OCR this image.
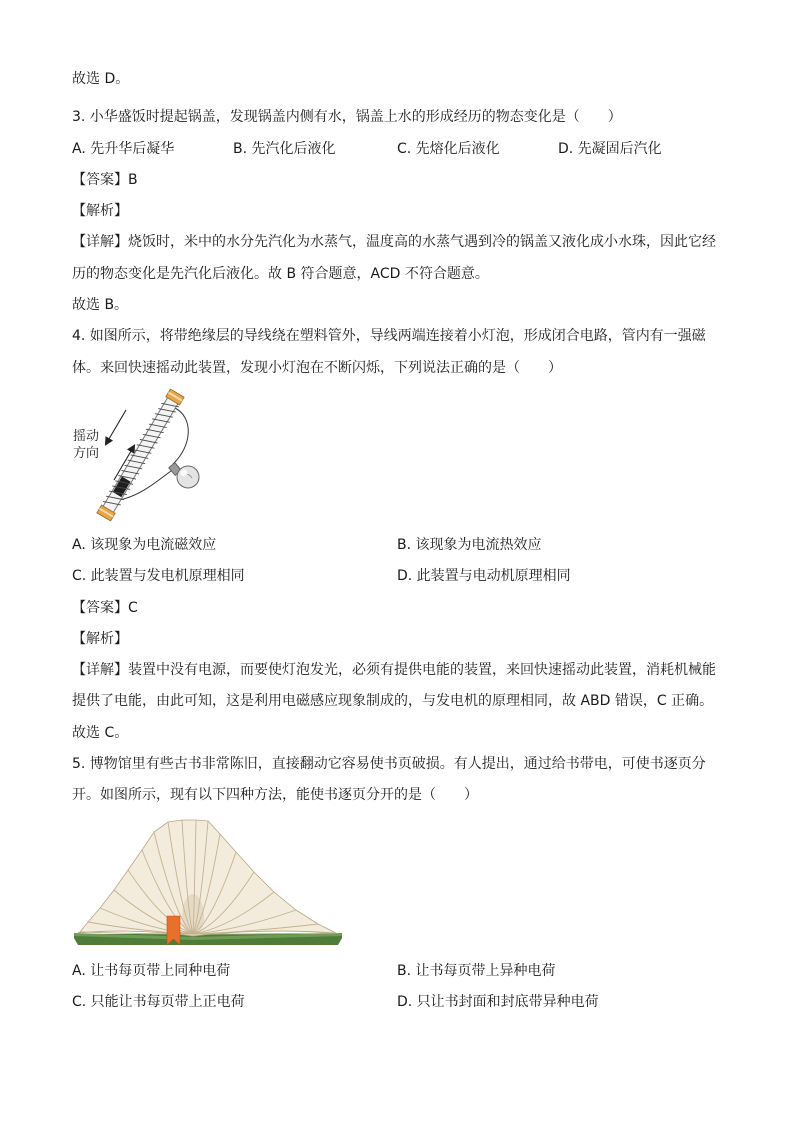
故选 D。
3. 小华盛饭时提起锅盖，发现锅盖内侧有水，锅盖上水的形成经历的物态变化是（　　）
A. 先升华后凝华	B. 先汽化后液化	C. 先熔化后液化	D. 先凝固后汽化
【答案】B
【解析】
【详解】烧饭时，米中的水分先汽化为水蒸气，温度高的水蒸气遇到冷的锅盖又液化成小水珠，因此它经
历的物态变化是先汽化后液化。故 B 符合题意，ACD 不符合题意。
故选 B。
4. 如图所示，将带绝缘层的导线绕在塑料管外，导线两端连接着小灯泡，形成闭合电路，管内有一强磁
体。来回快速摇动此装置，发现小灯泡在不断闪烁，下列说法正确的是（　　）
摇动
方向
A. 该现象为电流磁效应	B. 该现象为电流热效应
C. 此装置与发电机原理相同	D. 此装置与电动机原理相同
【答案】C
【解析】
【详解】装置中没有电源，而要使灯泡发光，必须有提供电能的装置，来回快速摇动此装置，消耗机械能
提供了电能，由此可知，这是利用电磁感应现象制成的，与发电机的原理相同，故 ABD 错误，C 正确。
故选 C。
5. 博物馆里有些古书非常陈旧，直接翻动它容易使书页破损。有人提出，通过给书带电，可使书逐页分
开。如图所示，现有以下四种方法，能使书逐页分开的是（　　）
A. 让书每页带上同种电荷	B. 让书每页带上异种电荷
C. 只能让书每页带上正电荷	D. 只让书封面和封底带异种电荷
